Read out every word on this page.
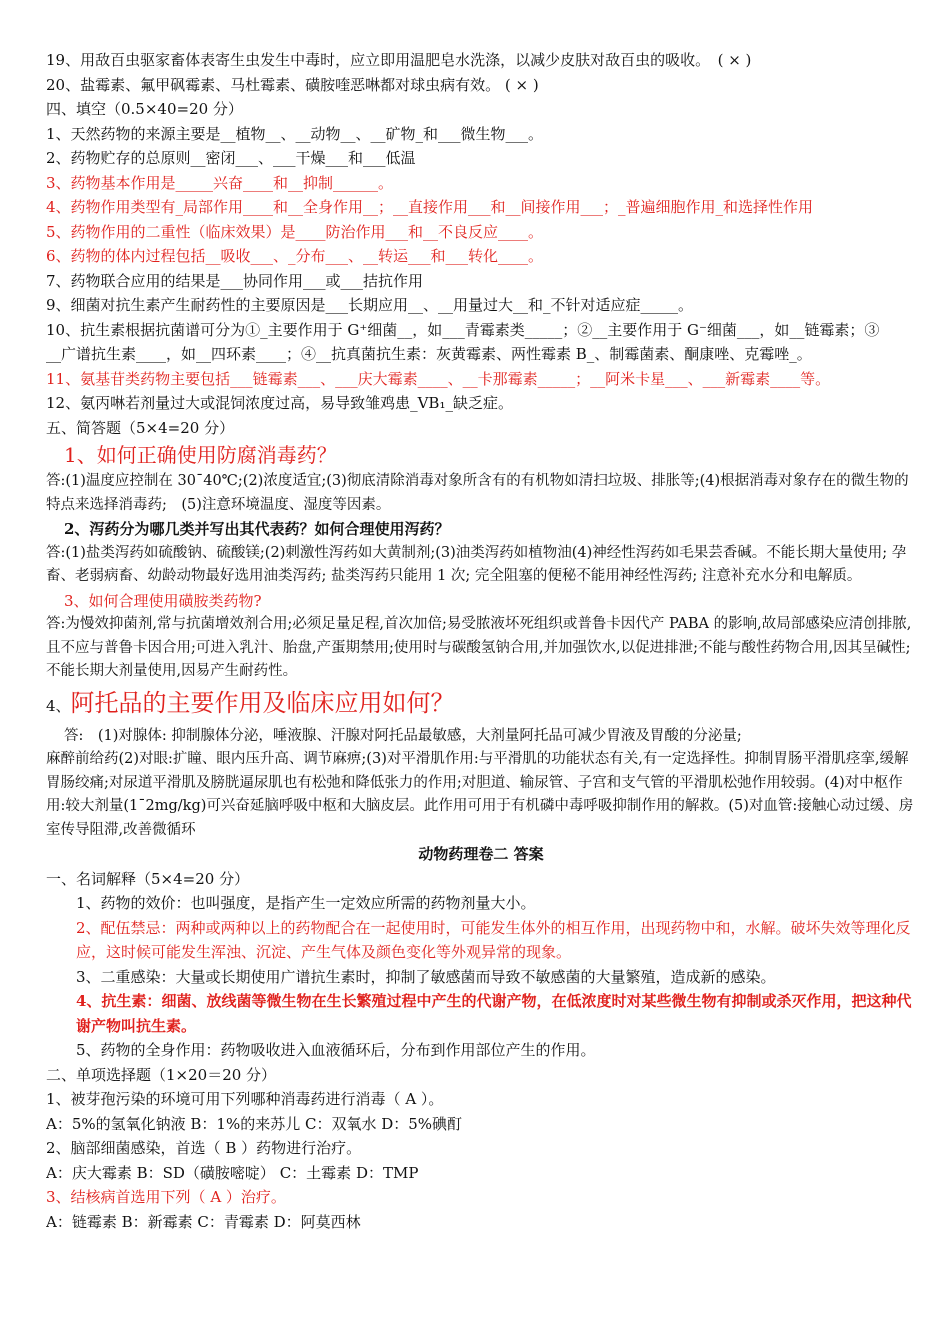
19、用敌百虫驱家畜体表寄生虫发生中毒时，应立即用温肥皂水洗涤，以减少皮肤对敌百虫的吸收。　( × )
20、盐霉素、氟甲砜霉素、马杜霉素、磺胺喹恶啉都对球虫病有效。 ( × )
四、填空（0.5×40=20 分）
1、天然药物的来源主要是__植物__、__动物__、__矿物_和___微生物___。
2、药物贮存的总原则__密闭___、___干燥___和___低温
3、药物基本作用是_____兴奋____和__抑制______。
4、药物作用类型有_局部作用____和__全身作用__；__直接作用___和__间接作用___；_普遍细胞作用_和选择性作用
5、药物作用的二重性（临床效果）是____防治作用___和__不良反应____。
6、药物的体内过程包括__吸收___、_分布___、__转运___和___转化____。
7、药物联合应用的结果是___协同作用___或___拮抗作用
9、细菌对抗生素产生耐药性的主要原因是___长期应用__、__用量过大__和_不针对适应症_____。
10、抗生素根据抗菌谱可分为①_主要作用于 G⁺细菌__，如___青霉素类_____；②__主要作用于 G⁻细菌___，如__链霉素；③
__广谱抗生素____，如__四环素____；④__抗真菌抗生素：灰黄霉素、两性霉素 B_、制霉菌素、酮康唑、克霉唑_。
11、氨基苷类药物主要包括___链霉素___、___庆大霉素____、__卡那霉素_____；__阿米卡星___、___新霉素____等。
12、氨丙啉若剂量过大或混饲浓度过高，易导致雏鸡患_VB₁_缺乏症。
五、简答题（5×4=20 分）
1、如何正确使用防腐消毒药？
答:(1)温度应控制在 30¯40℃;(2)浓度适宜;(3)彻底清除消毒对象所含有的有机物如清扫垃圾、排胀等;(4)根据消毒对象存在的微生物的特点来选择消毒药;　(5)注意环境温度、湿度等因素。
2、泻药分为哪几类并写出其代表药？如何合理使用泻药？
答:(1)盐类泻药如硫酸钠、硫酸镁;(2)刺激性泻药如大黄制剂;(3)油类泻药如植物油(4)神经性泻药如毛果芸香碱。不能长期大量使用; 孕畜、老弱病畜、幼龄动物最好选用油类泻药; 盐类泻药只能用 1 次; 完全阻塞的便秘不能用神经性泻药; 注意补充水分和电解质。
3、如何合理使用磺胺类药物?
答:为慢效抑菌剂,常与抗菌增效剂合用;必须足量足程,首次加倍;易受脓液坏死组织或普鲁卡因代产 PABA 的影响,故局部感染应清创排脓,且不应与普鲁卡因合用;可进入乳汁、胎盘,产蛋期禁用;使用时与碳酸氢钠合用,并加强饮水,以促进排泄;不能与酸性药物合用,因其呈碱性;不能长期大剂量使用,因易产生耐药性。
4、阿托品的主要作用及临床应用如何？
答:　(1)对腺体: 抑制腺体分泌，唾液腺、汗腺对阿托品最敏感，大剂量阿托品可减少胃液及胃酸的分泌量;
麻醉前给药(2)对眼:扩瞳、眼内压升高、调节麻痹;(3)对平滑肌作用:与平滑肌的功能状态有关,有一定选择性。抑制胃肠平滑肌痉挛,缓解胃肠绞痛;对尿道平滑肌及膀胱逼尿肌也有松弛和降低张力的作用;对胆道、输尿管、子宫和支气管的平滑肌松弛作用较弱。(4)对中枢作用:较大剂量(1¯2mg/kg)可兴奋延脑呼吸中枢和大脑皮层。此作用可用于有机磷中毒呼吸抑制作用的解救。(5)对血管:接触心动过缓、房室传导阻滞,改善微循环
动物药理卷二 答案
一、名词解释（5×4=20 分）
1、药物的效价：也叫强度，是指产生一定效应所需的药物剂量大小。
2、配伍禁忌：两种或两种以上的药物配合在一起使用时，可能发生体外的相互作用，出现药物中和，水解。破坏失效等理化反应，这时候可能发生浑浊、沉淀、产生气体及颜色变化等外观异常的现象。
3、二重感染：大量或长期使用广谱抗生素时，抑制了敏感菌而导致不敏感菌的大量繁殖，造成新的感染。
4、抗生素：细菌、放线菌等微生物在生长繁殖过程中产生的代谢产物，在低浓度时对某些微生物有抑制或杀灭作用，把这种代谢产物叫抗生素。
5、药物的全身作用：药物吸收进入血液循环后，分布到作用部位产生的作用。
二、单项选择题（1×20＝20 分）
1、被芽孢污染的环境可用下列哪种消毒药进行消毒（ A ）。
A：5%的氢氧化钠液 B：1%的来苏儿 C：双氧水 D：5%碘酊
2、脑部细菌感染，首选（ B ）药物进行治疗。
A：庆大霉素 B：SD（磺胺嘧啶） C：土霉素 D：TMP
3、结核病首选用下列（ A ）治疗。
A：链霉素 B：新霉素 C：青霉素 D：阿莫西林
